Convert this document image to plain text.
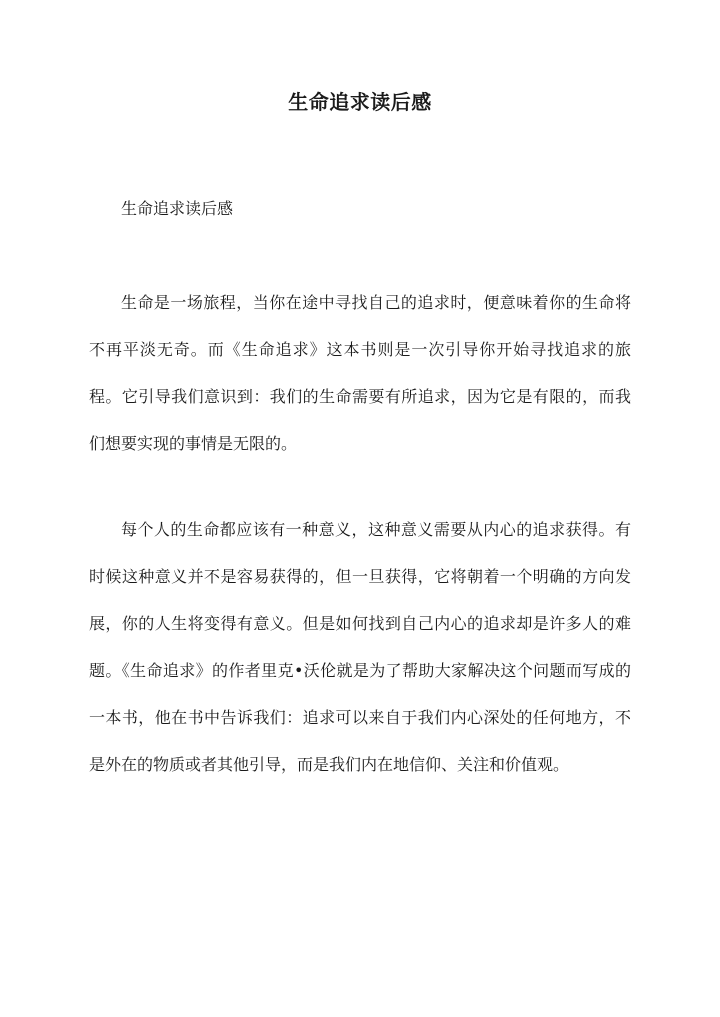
生命追求读后感

生命追求读后感

生命是一场旅程，当你在途中寻找自己的追求时，便意味着你的生命将不再平淡无奇。而《生命追求》这本书则是一次引导你开始寻找追求的旅程。它引导我们意识到：我们的生命需要有所追求，因为它是有限的，而我们想要实现的事情是无限的。

每个人的生命都应该有一种意义，这种意义需要从内心的追求获得。有时候这种意义并不是容易获得的，但一旦获得，它将朝着一个明确的方向发展，你的人生将变得有意义。但是如何找到自己内心的追求却是许多人的难题。《生命追求》的作者里克•沃伦就是为了帮助大家解决这个问题而写成的一本书，他在书中告诉我们：追求可以来自于我们内心深处的任何地方，不是外在的物质或者其他引导，而是我们内在地信仰、关注和价值观。
